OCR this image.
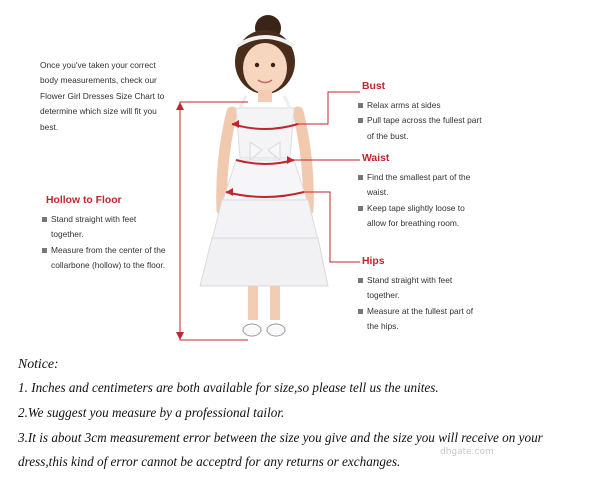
Once you've taken your correct body measurements, check our Flower Girl Dresses Size Chart to determine which size will fit you best.
Bust
Relax arms at sides
Pull tape across the fullest part of the bust.
Waist
Find the smallest part of the waist.
Keep tape slightly loose to allow for breathing room.
Hips
Stand straight with feet together.
Measure at the fullest part of the hips.
Hollow to Floor
Stand straight with feet together.
Measure from the center of the collarbone (hollow) to the floor.
Notice:
1. Inches and centimeters are both available for size,so please tell us the unites.
2.We suggest you measure by a professional tailor.
3.It is about 3cm measurement error between the size you give and the size you will receive on your
dress,this kind of error cannot be acceptrd for any returns or exchanges.
dhgate.com
